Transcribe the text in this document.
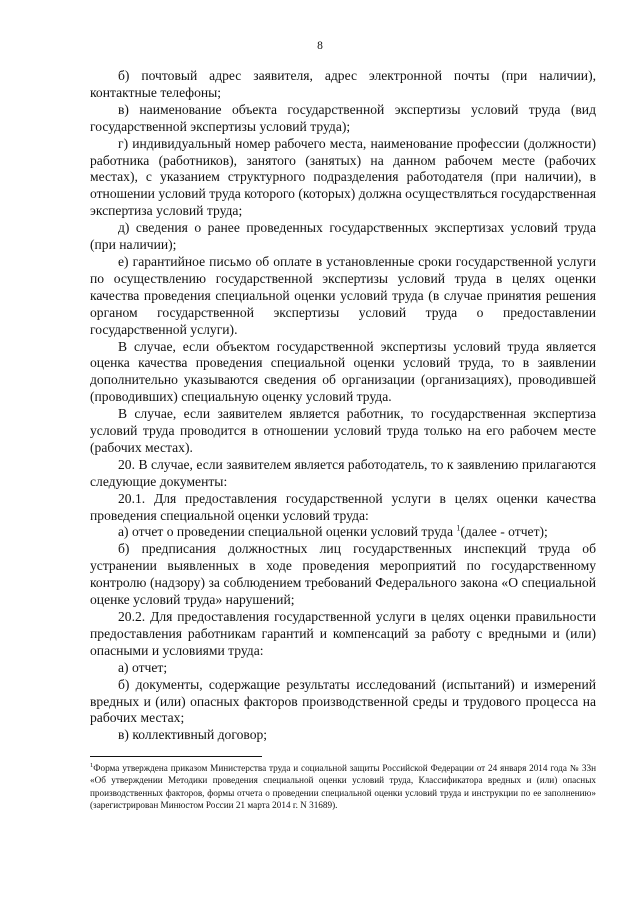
8

б) почтовый адрес заявителя, адрес электронной почты (при наличии), контактные телефоны;

в) наименование объекта государственной экспертизы условий труда (вид государственной экспертизы условий труда);

г) индивидуальный номер рабочего места, наименование профессии (должности) работника (работников), занятого (занятых) на данном рабочем месте (рабочих местах), с указанием структурного подразделения работодателя (при наличии), в отношении условий труда которого (которых) должна осуществляться государственная экспертиза условий труда;

д) сведения о ранее проведенных государственных экспертизах условий труда (при наличии);

е) гарантийное письмо об оплате в установленные сроки государственной услуги по осуществлению государственной экспертизы условий труда в целях оценки качества проведения специальной оценки условий труда (в случае принятия решения органом государственной экспертизы условий труда о предоставлении государственной услуги).

В случае, если объектом государственной экспертизы условий труда является оценка качества проведения специальной оценки условий труда, то в заявлении дополнительно указываются сведения об организации (организациях), проводившей (проводивших) специальную оценку условий труда.

В случае, если заявителем является работник, то государственная экспертиза условий труда проводится в отношении условий труда только на его рабочем месте (рабочих местах).

20. В случае, если заявителем является работодатель, то к заявлению прилагаются следующие документы:

20.1. Для предоставления государственной услуги в целях оценки качества проведения специальной оценки условий труда:

а) отчет о проведении специальной оценки условий труда $^1$(далее - отчет);

б) предписания должностных лиц государственных инспекций труда об устранении выявленных в ходе проведения мероприятий по государственному контролю (надзору) за соблюдением требований Федерального закона «О специальной оценке условий труда» нарушений;

20.2. Для предоставления государственной услуги в целях оценки правильности предоставления работникам гарантий и компенсаций за работу с вредными и (или) опасными и условиями труда:

а) отчет;

б) документы, содержащие результаты исследований (испытаний) и измерений вредных и (или) опасных факторов производственной среды и трудового процесса на рабочих местах;

в) коллективный договор;

$^1$Форма утверждена приказом Министерства труда и социальной защиты Российской Федерации от 24 января 2014 года № 33н «Об утверждении Методики проведения специальной оценки условий труда, Классификатора вредных и (или) опасных производственных факторов, формы отчета о проведении специальной оценки условий труда и инструкции по ее заполнению» (зарегистрирован Минюстом России 21 марта 2014 г. N 31689).
